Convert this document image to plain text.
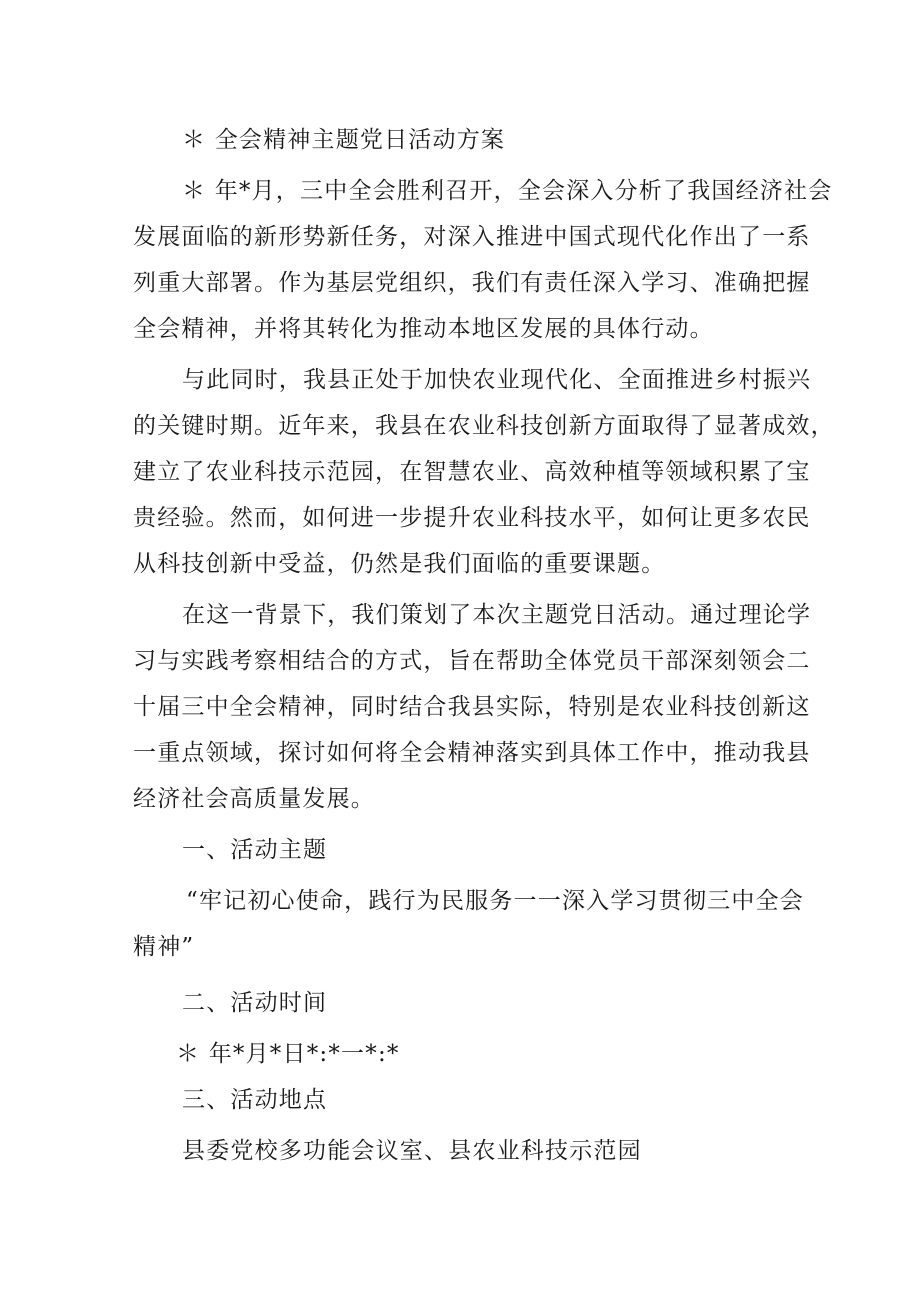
＊ 全会精神主题党日活动方案
＊ 年*月，三中全会胜利召开，全会深入分析了我国经济社会
发展面临的新形势新任务，对深入推进中国式现代化作出了一系
列重大部署。作为基层党组织，我们有责任深入学习、准确把握
全会精神，并将其转化为推动本地区发展的具体行动。
与此同时，我县正处于加快农业现代化、全面推进乡村振兴
的关键时期。近年来，我县在农业科技创新方面取得了显著成效，
建立了农业科技示范园，在智慧农业、高效种植等领域积累了宝
贵经验。然而，如何进一步提升农业科技水平，如何让更多农民
从科技创新中受益，仍然是我们面临的重要课题。
在这一背景下，我们策划了本次主题党日活动。通过理论学
习与实践考察相结合的方式，旨在帮助全体党员干部深刻领会二
十届三中全会精神，同时结合我县实际，特别是农业科技创新这
一重点领域，探讨如何将全会精神落实到具体工作中，推动我县
经济社会高质量发展。
一、活动主题
“牢记初心使命，践行为民服务一一深入学习贯彻三中全会
精神”
二、活动时间
＊ 年*月*日*:*一*:*
三、活动地点
县委党校多功能会议室、县农业科技示范园
